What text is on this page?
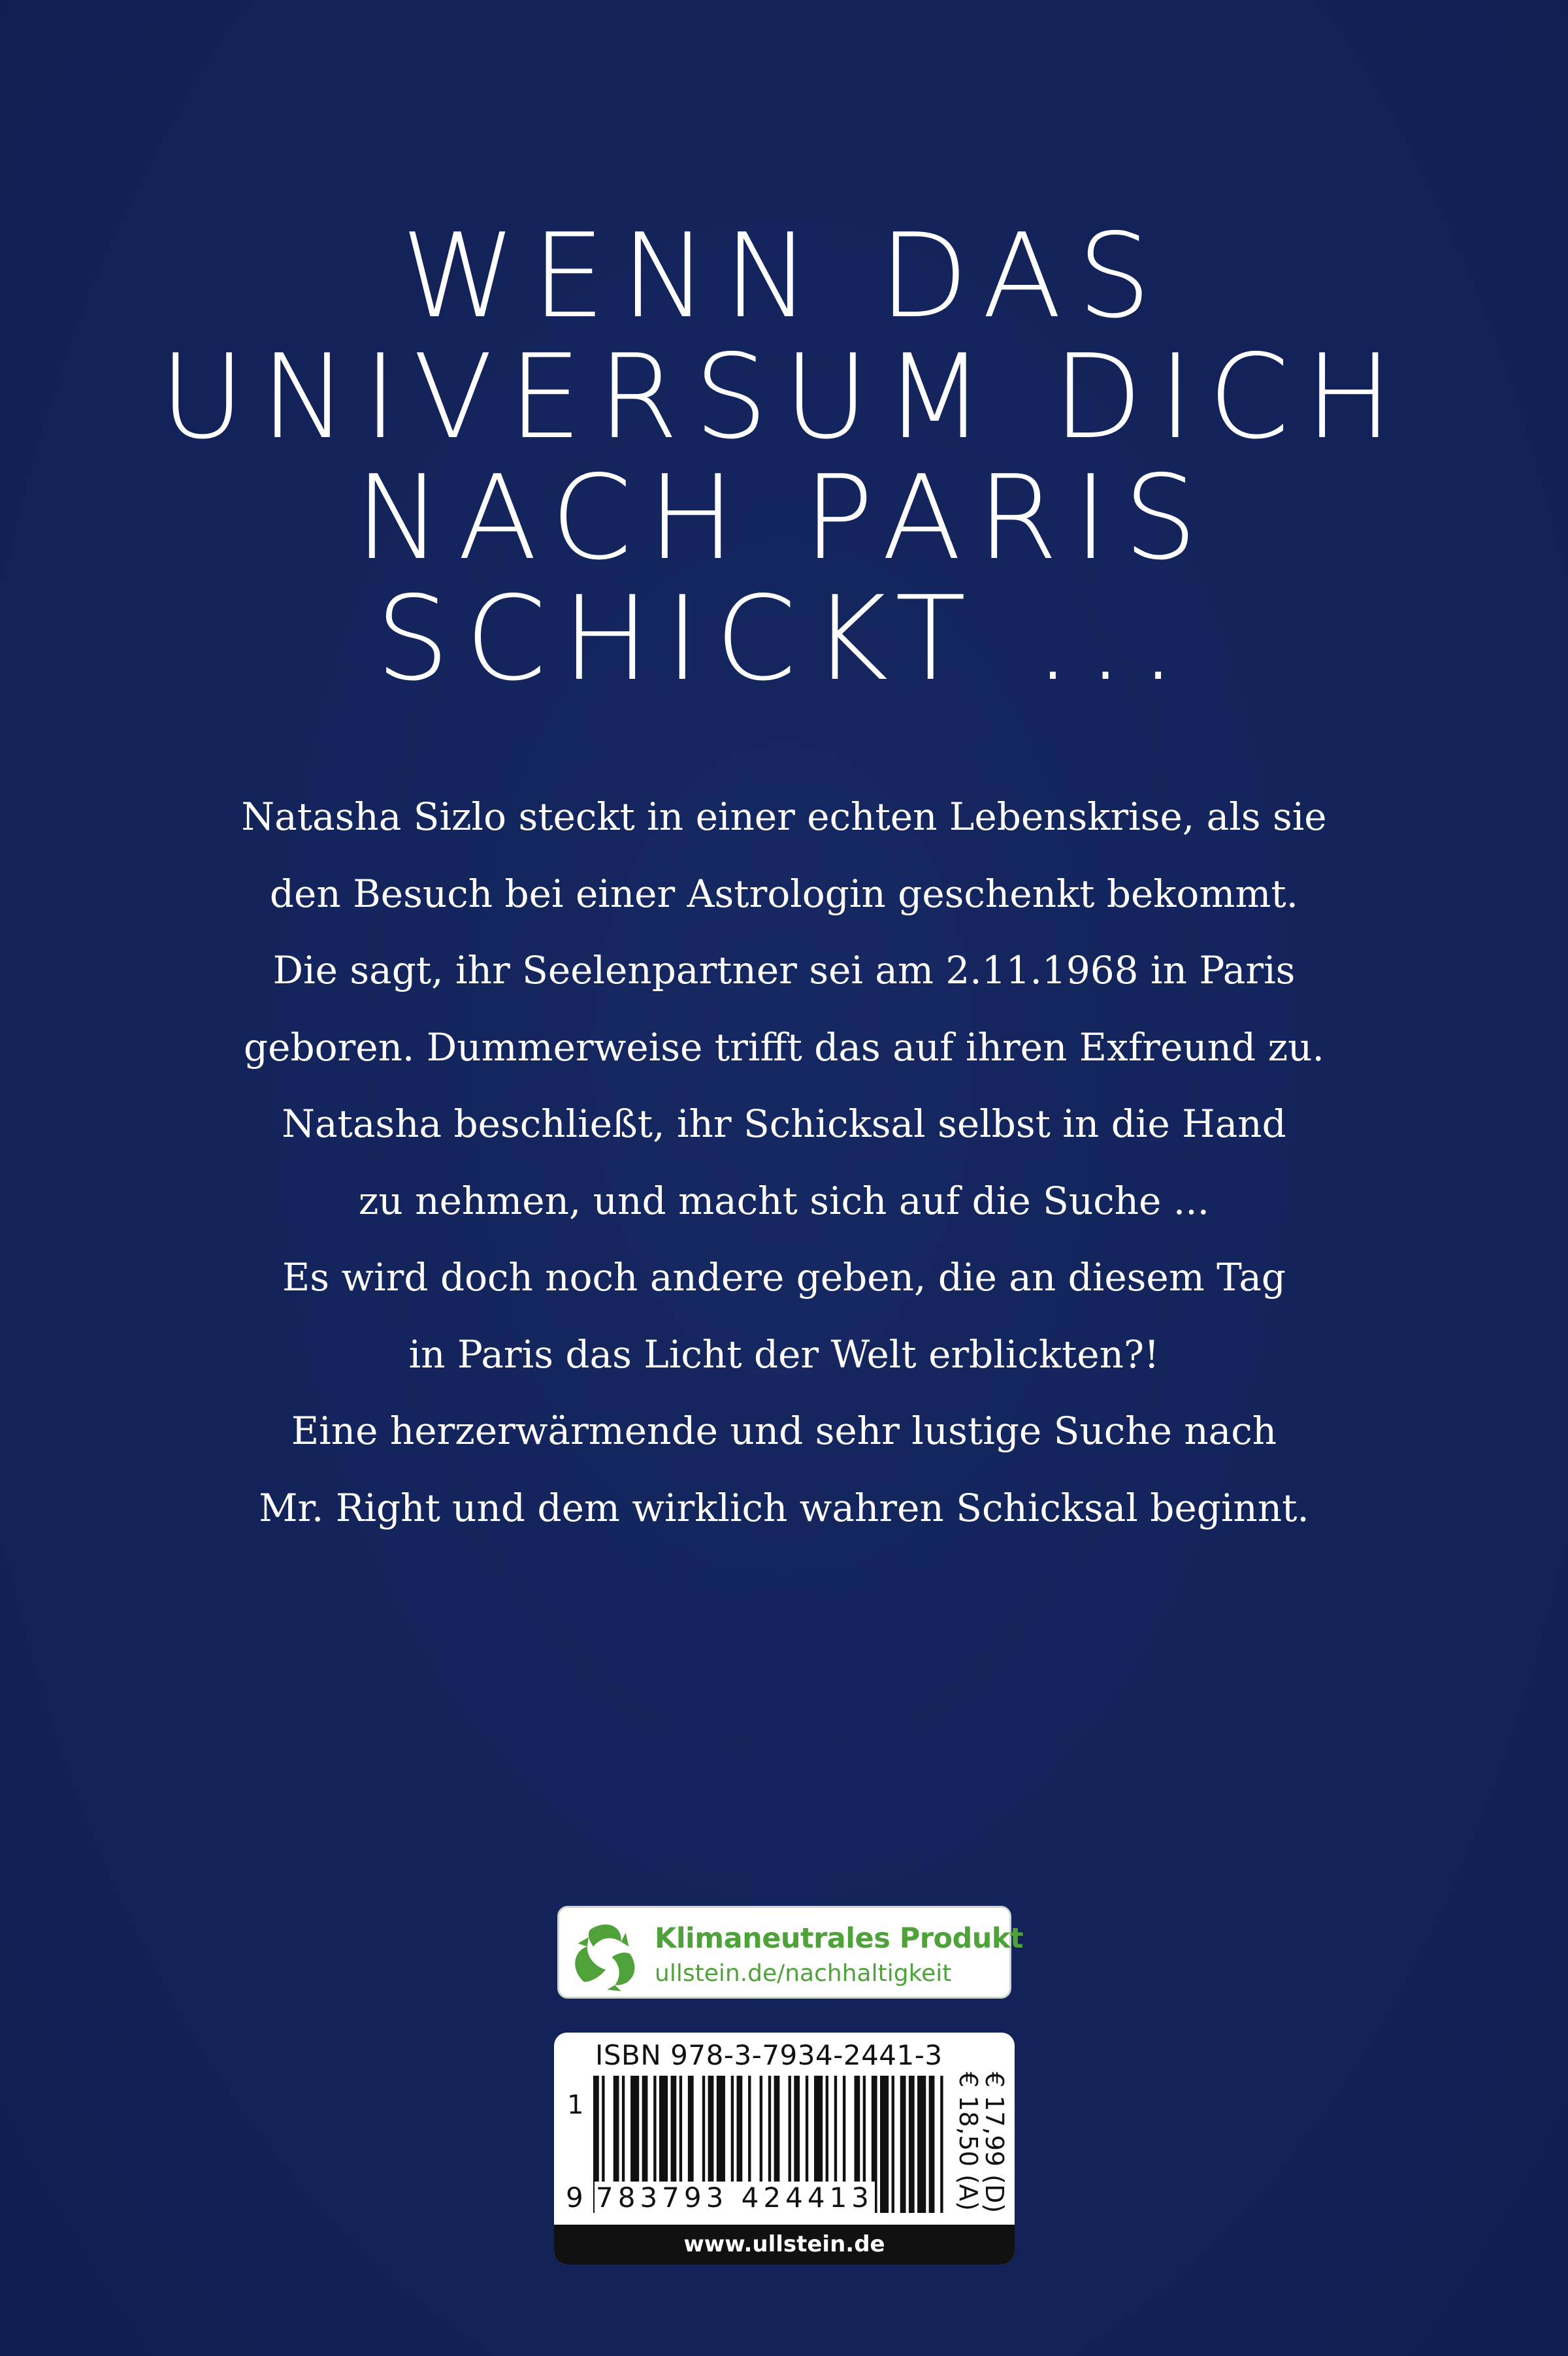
WENN DAS
UNIVERSUM DICH
NACH PARIS
SCHICKT ...
Natasha Sizlo steckt in einer echten Lebenskrise, als sie
den Besuch bei einer Astrologin geschenkt bekommt.
Die sagt, ihr Seelenpartner sei am 2.11.1968 in Paris
geboren. Dummerweise trifft das auf ihren Exfreund zu.
Natasha beschließt, ihr Schicksal selbst in die Hand
zu nehmen, und macht sich auf die Suche ...
Es wird doch noch andere geben, die an diesem Tag
in Paris das Licht der Welt erblickten?!
Eine herzerwärmende und sehr lustige Suche nach
Mr. Right und dem wirklich wahren Schicksal beginnt.
Klimaneutrales Produkt
ullstein.de/nachhaltigkeit
ISBN 978-3-7934-2441-3
1
9 783793 424413	€ 17,99 (D)
€ 18,50 (A)
www.ullstein.de
